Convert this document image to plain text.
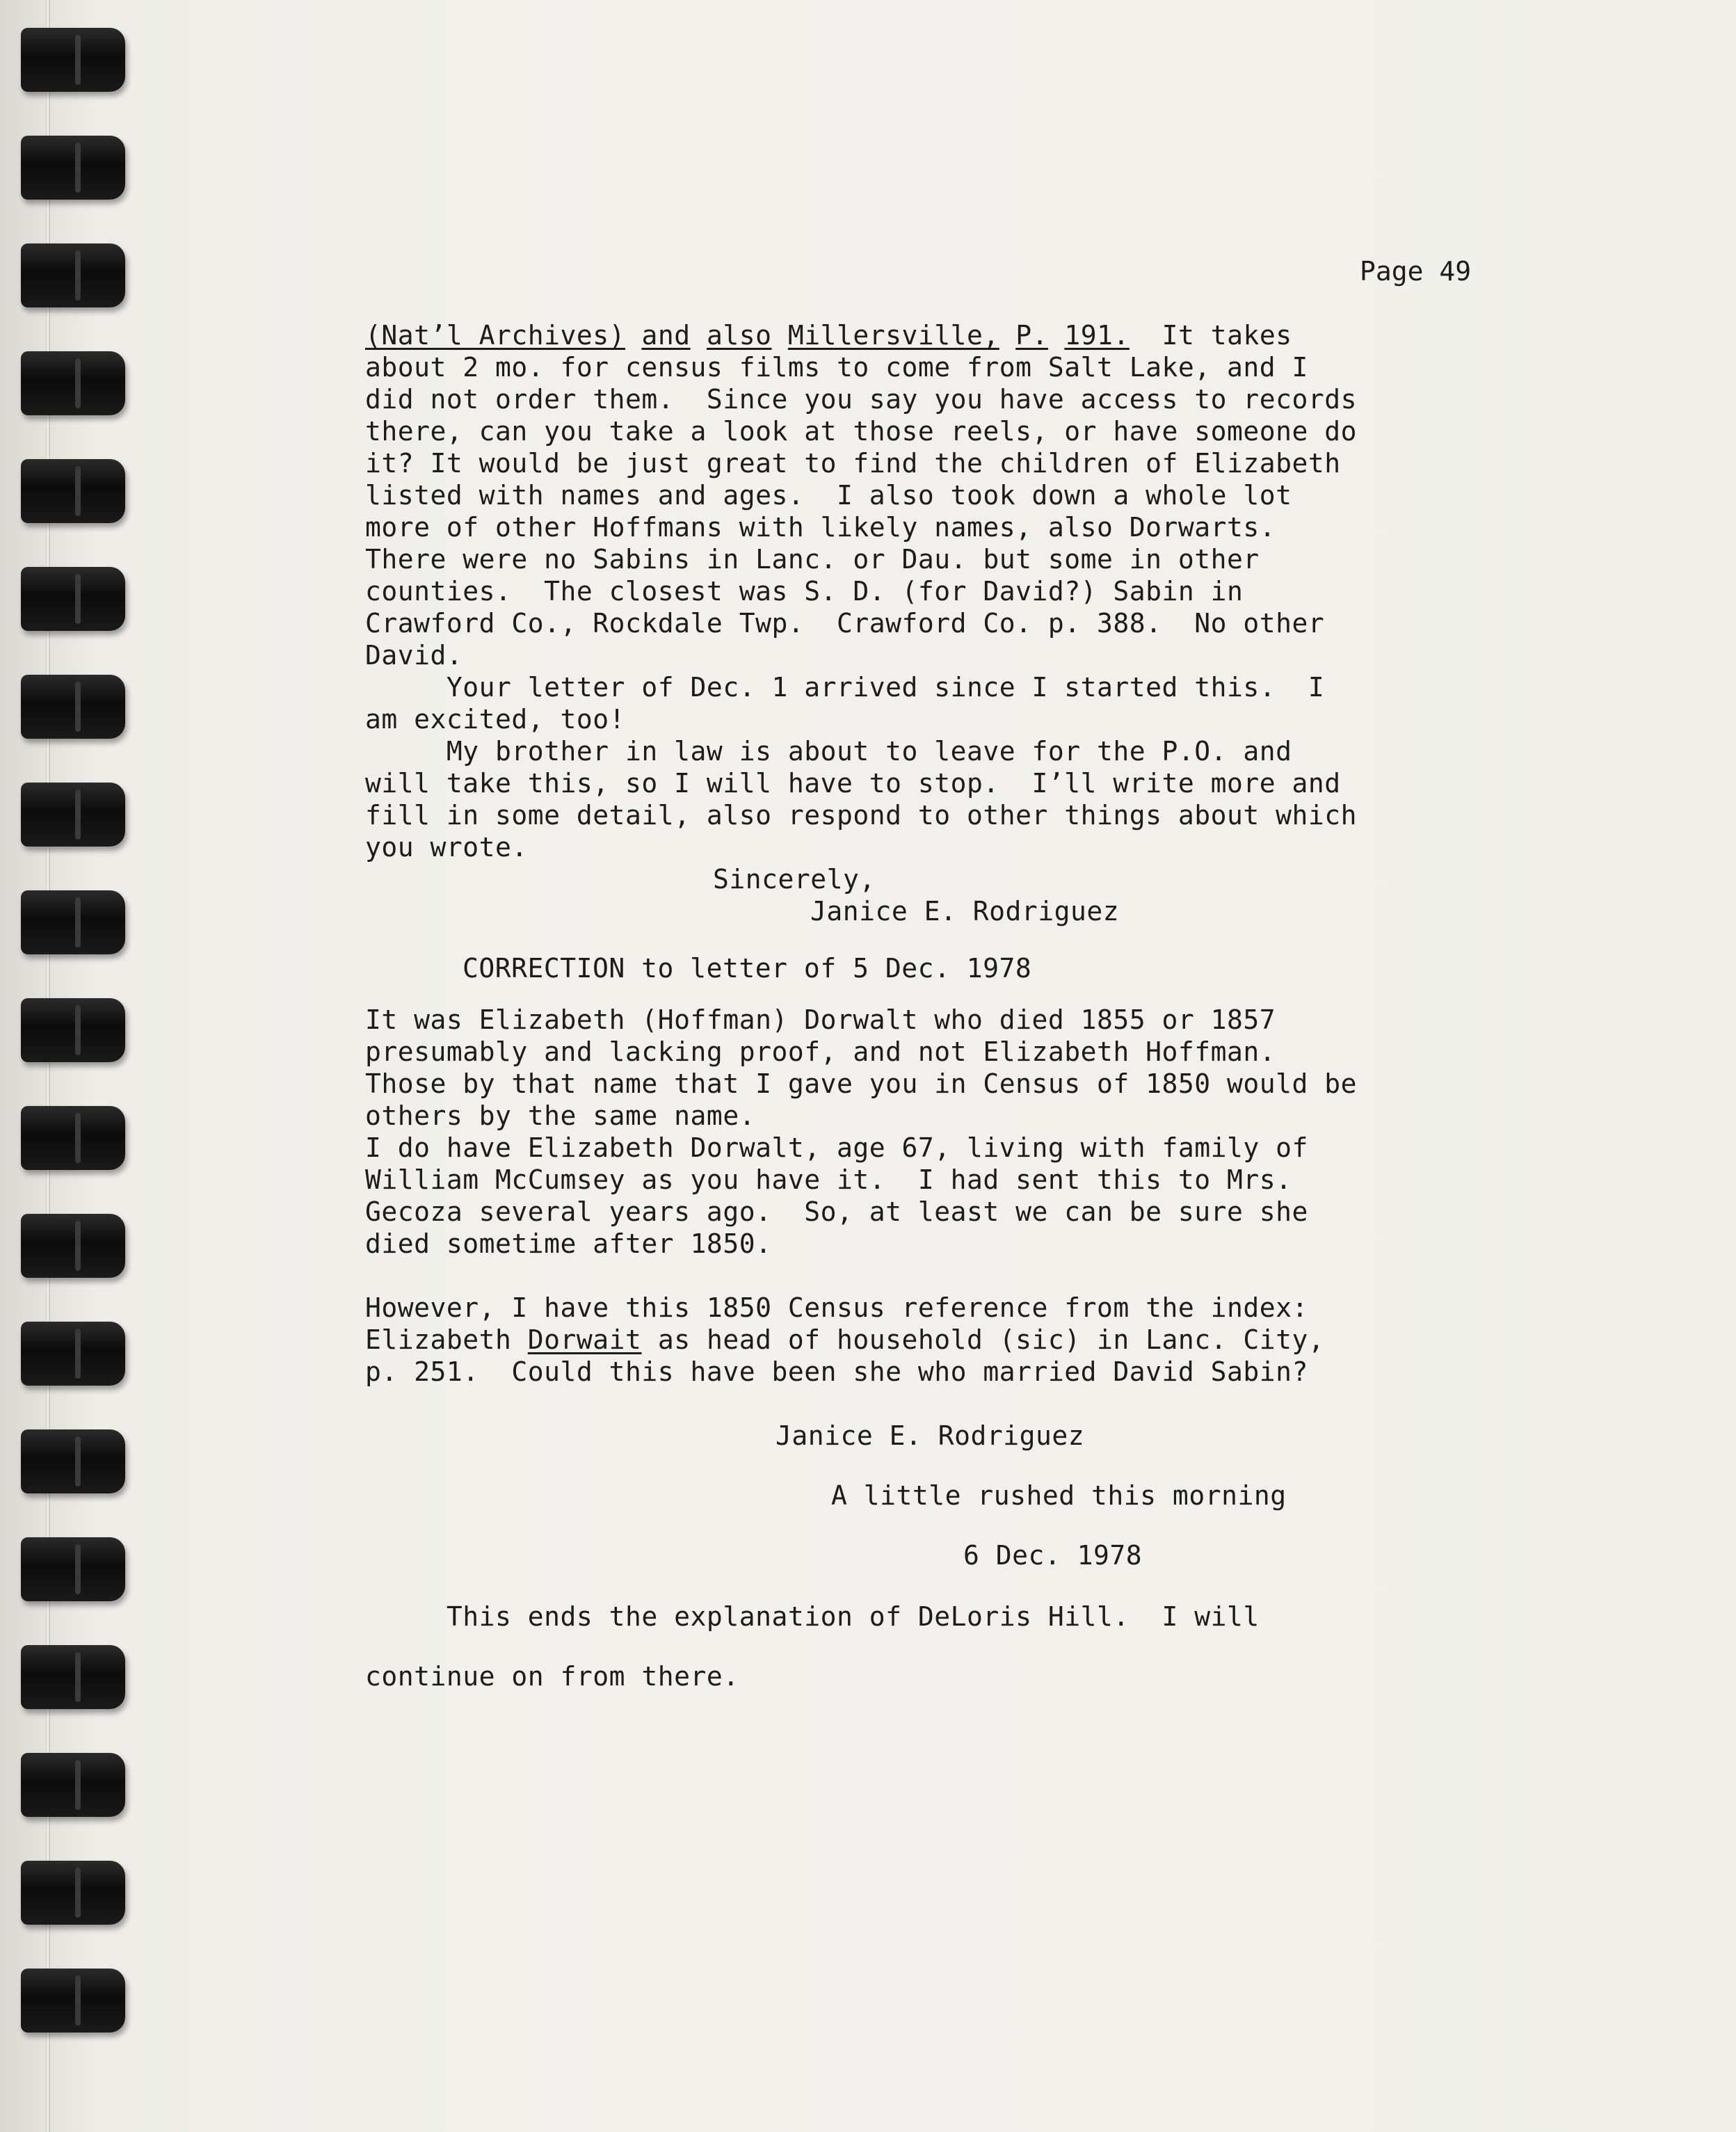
Page 49
(Nat’l Archives) and also Millersville, P. 191. It takes
about 2 mo. for census films to come from Salt Lake, and I
did not order them.  Since you say you have access to records
there, can you take a look at those reels, or have someone do
it? It would be just great to find the children of Elizabeth
listed with names and ages.  I also took down a whole lot
more of other Hoffmans with likely names, also Dorwarts.
There were no Sabins in Lanc. or Dau. but some in other
counties.  The closest was S. D. (for David?) Sabin in
Crawford Co., Rockdale Twp.  Crawford Co. p. 388.  No other
David.
Your letter of Dec. 1 arrived since I started this.  I
am excited, too!
My brother in law is about to leave for the P.O. and
will take this, so I will have to stop.  I’ll write more and
fill in some detail, also respond to other things about which
you wrote.
Sincerely,
Janice E. Rodriguez
CORRECTION to letter of 5 Dec. 1978
It was Elizabeth (Hoffman) Dorwalt who died 1855 or 1857
presumably and lacking proof, and not Elizabeth Hoffman.
Those by that name that I gave you in Census of 1850 would be
others by the same name.
I do have Elizabeth Dorwalt, age 67, living with family of
William McCumsey as you have it.  I had sent this to Mrs.
Gecoza several years ago.  So, at least we can be sure she
died sometime after 1850.
However, I have this 1850 Census reference from the index:
Elizabeth Dorwait as head of household (sic) in Lanc. City,
p. 251.  Could this have been she who married David Sabin?
Janice E. Rodriguez
A little rushed this morning
6 Dec. 1978
This ends the explanation of DeLoris Hill.  I will
continue on from there.
